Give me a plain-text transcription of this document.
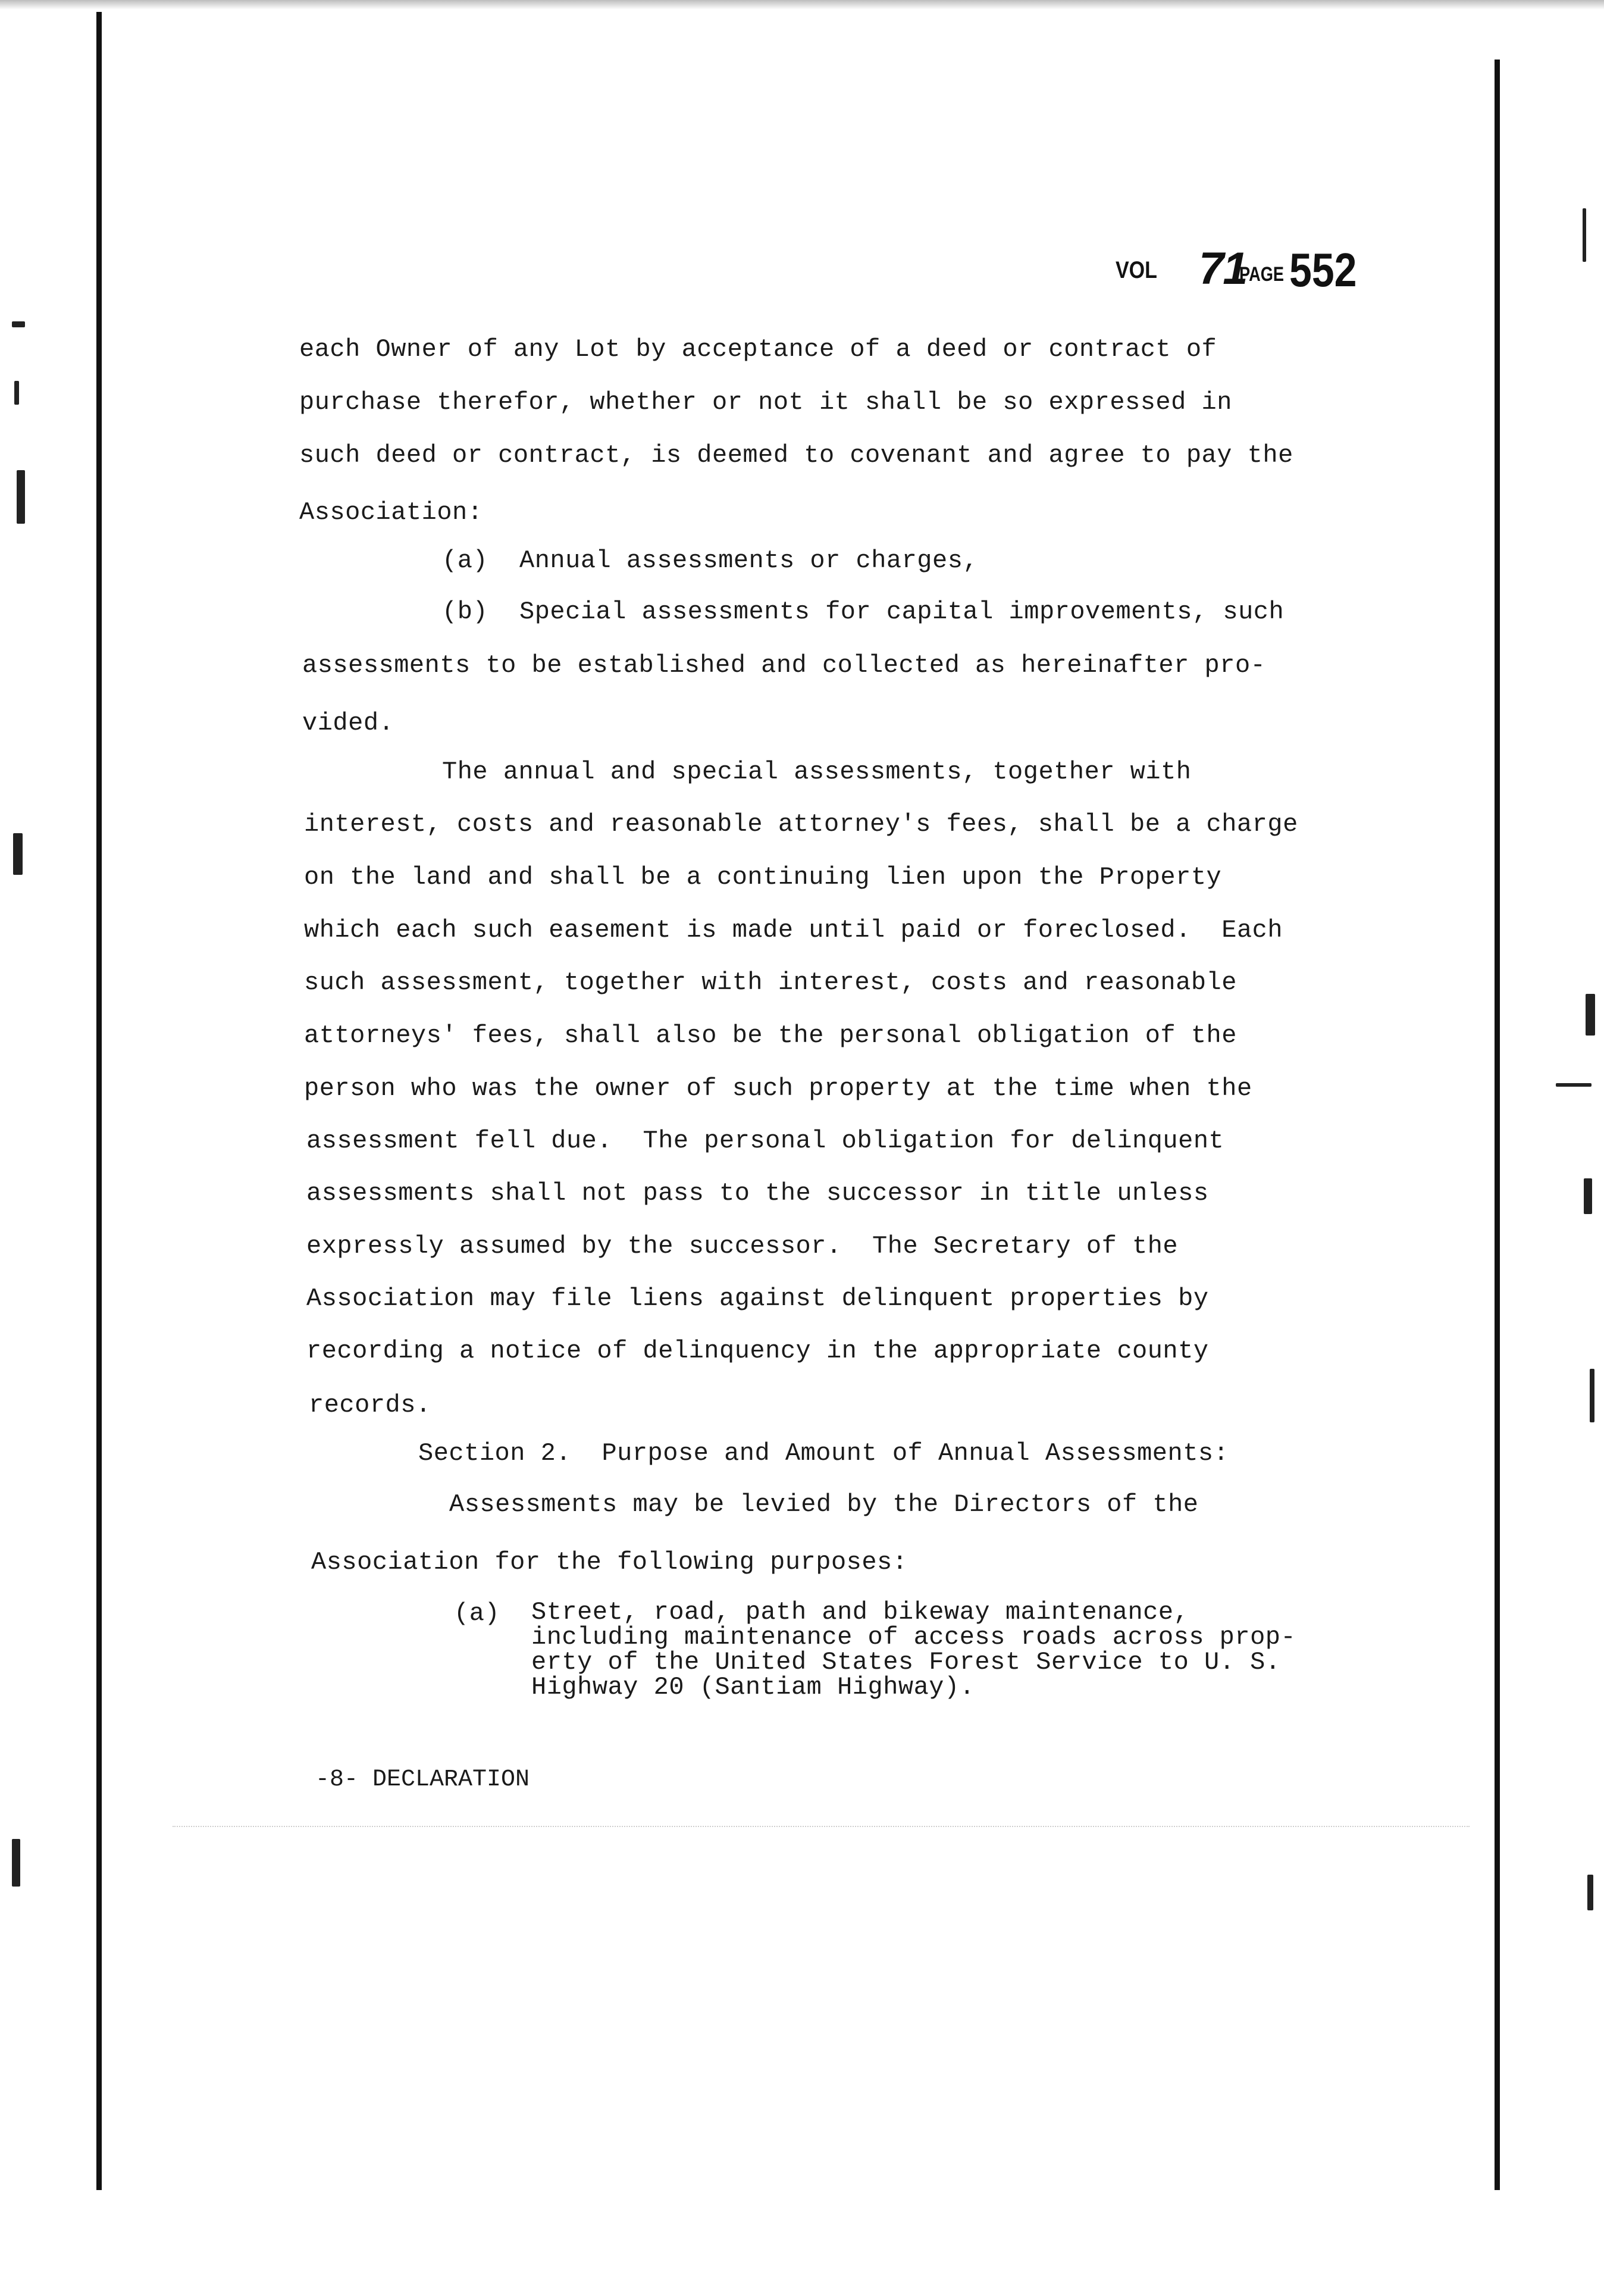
VOL 71
PAGE 552
each Owner of any Lot by acceptance of a deed or contract of
purchase therefor, whether or not it shall be so expressed in
such deed or contract, is deemed to covenant and agree to pay the
Association:
(a) Annual assessments or charges,
(b) Special assessments for capital improvements, such
assessments to be established and collected as hereinafter pro-
vided.
The annual and special assessments, together with
interest, costs and reasonable attorney's fees, shall be a charge
on the land and shall be a continuing lien upon the Property
which each such easement is made until paid or foreclosed.  Each
such assessment, together with interest, costs and reasonable
attorneys' fees, shall also be the personal obligation of the
person who was the owner of such property at the time when the
assessment fell due.  The personal obligation for delinquent
assessments shall not pass to the successor in title unless
expressly assumed by the successor.  The Secretary of the
Association may file liens against delinquent properties by
recording a notice of delinquency in the appropriate county
records.
Section 2.  Purpose and Amount of Annual Assessments:
Assessments may be levied by the Directors of the
Association for the following purposes:
(a) Street, road, path and bikeway maintenance,
including maintenance of access roads across prop-
erty of the United States Forest Service to U. S.
Highway 20 (Santiam Highway).
-8- DECLARATION
